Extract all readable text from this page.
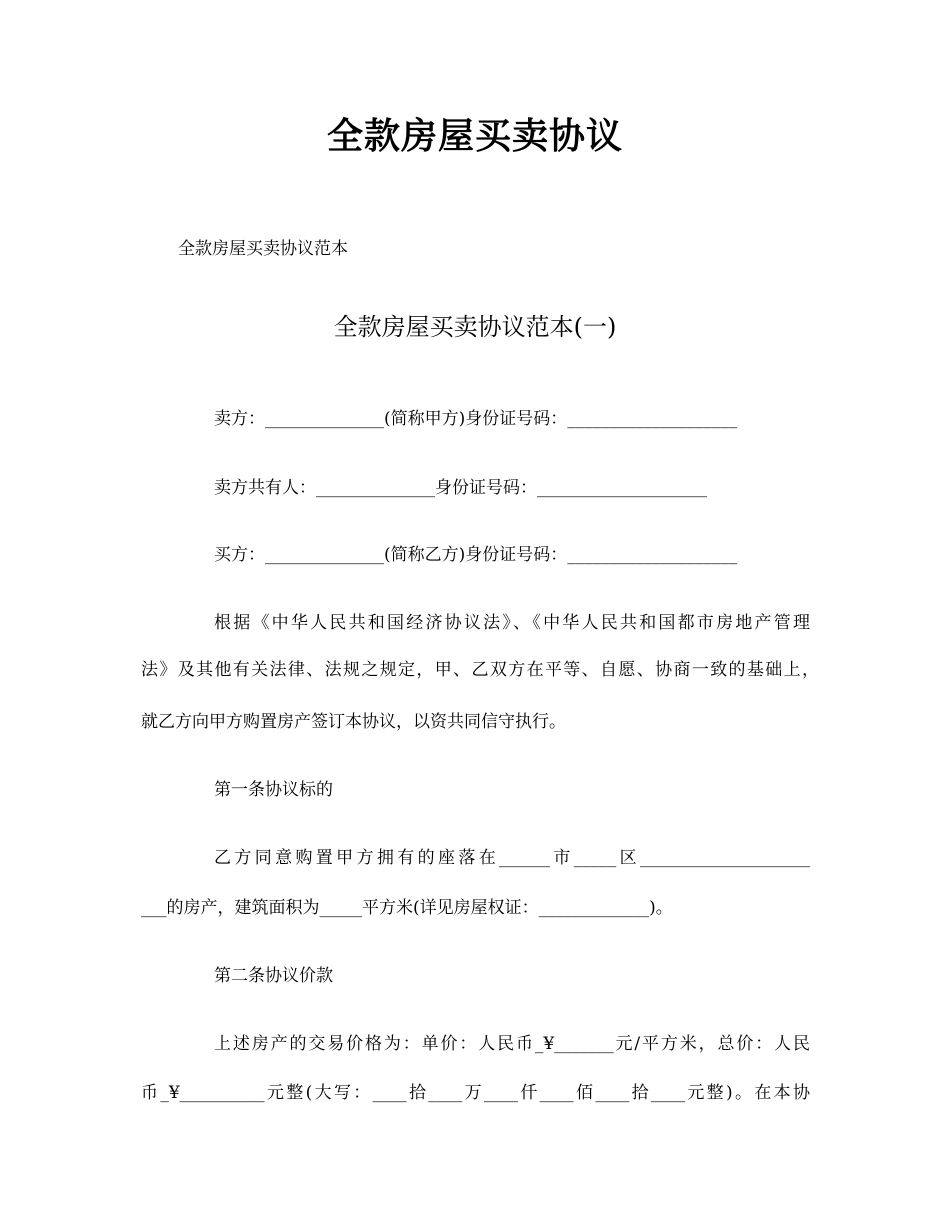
全款房屋买卖协议
全款房屋买卖协议范本
全款房屋买卖协议范本(一)
卖方：______________(简称甲方)身份证号码：____________________
卖方共有人：______________身份证号码：____________________
买方：______________(简称乙方)身份证号码：____________________
根据《中华人民共和国经济协议法》、《中华人民共和国都市房地产管理
法》及其他有关法律、法规之规定，甲、乙双方在平等、自愿、协商一致的基础上，
就乙方向甲方购置房产签订本协议，以资共同信守执行。
第一条协议标的
乙方同意购置甲方拥有的座落在______市_____区____________________
___的房产，建筑面积为_____平方米(详见房屋权证：_____________)。
第二条协议价款
上述房产的交易价格为：单价：人民币_¥_______元/平方米，总价：人民
币_¥__________元整(大写：____拾____万____仟____佰____拾____元整)。在本协
